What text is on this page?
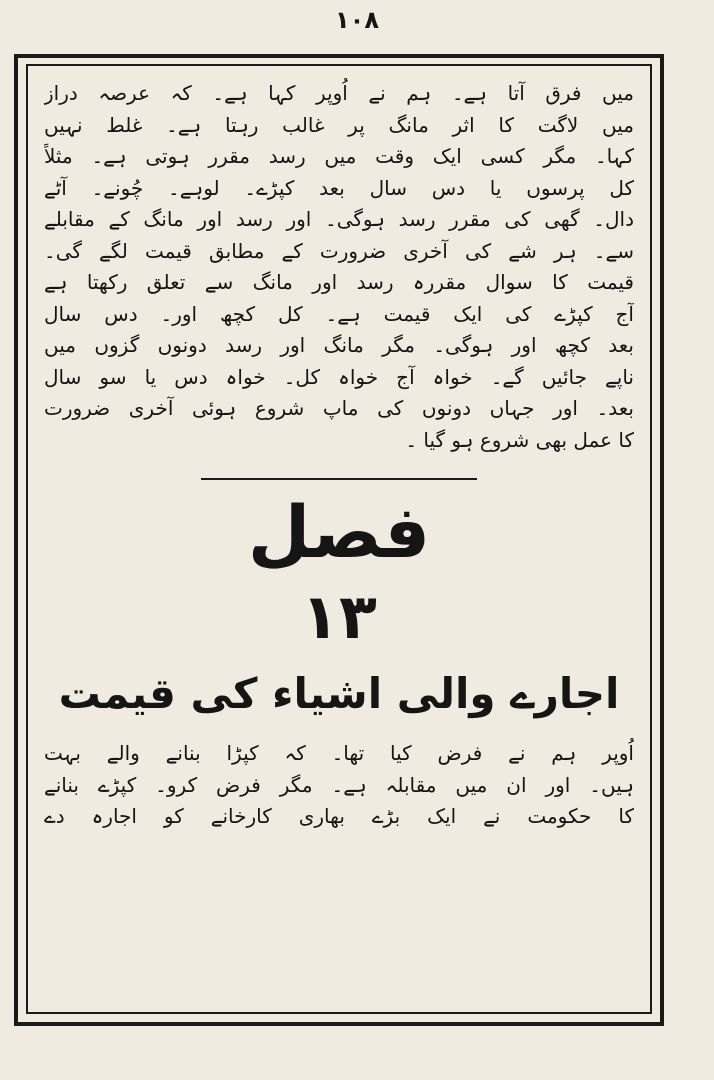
١٠٨
میں فرق آتا ہے۔ ہم نے اُوپر کہا ہے۔ کہ عرصہ دراز
میں لاگت کا اثر مانگ پر غالب رہتا ہے۔ غلط نہیں
کہا۔ مگر کسی ایک وقت میں رسد مقرر ہوتی ہے۔ مثلاً
کل پرسوں یا دس سال بعد کپڑے۔ لوہے۔ چُونے۔ آٹے
دال۔ گھی کی مقرر رسد ہوگی۔ اور رسد اور مانگ کے مقابلے
سے۔ ہر شے کی آخری ضرورت کے مطابق قیمت لگے گی۔
قیمت کا سوال مقررہ رسد اور مانگ سے تعلق رکھتا ہے
آج کپڑے کی ایک قیمت ہے۔ کل کچھ اور۔ دس سال
بعد کچھ اور ہوگی۔ مگر مانگ اور رسد دونوں گزوں میں
ناپے جائیں گے۔ خواہ آج خواہ کل۔ خواہ دس یا سو سال
بعد۔ اور جہاں دونوں کی ماپ شروع ہوئی آخری ضرورت
کا عمل بھی شروع ہو گیا ۔
فصل
۱۳
اجارے والی اشیاء کی قیمت
اُوپر ہم نے فرض کیا تھا۔ کہ کپڑا بنانے والے بہت
ہیں۔ اور ان میں مقابلہ ہے۔ مگر فرض کرو۔ کپڑے بنانے
کا حکومت نے ایک بڑے بھاری کارخانے کو اجارہ دے
